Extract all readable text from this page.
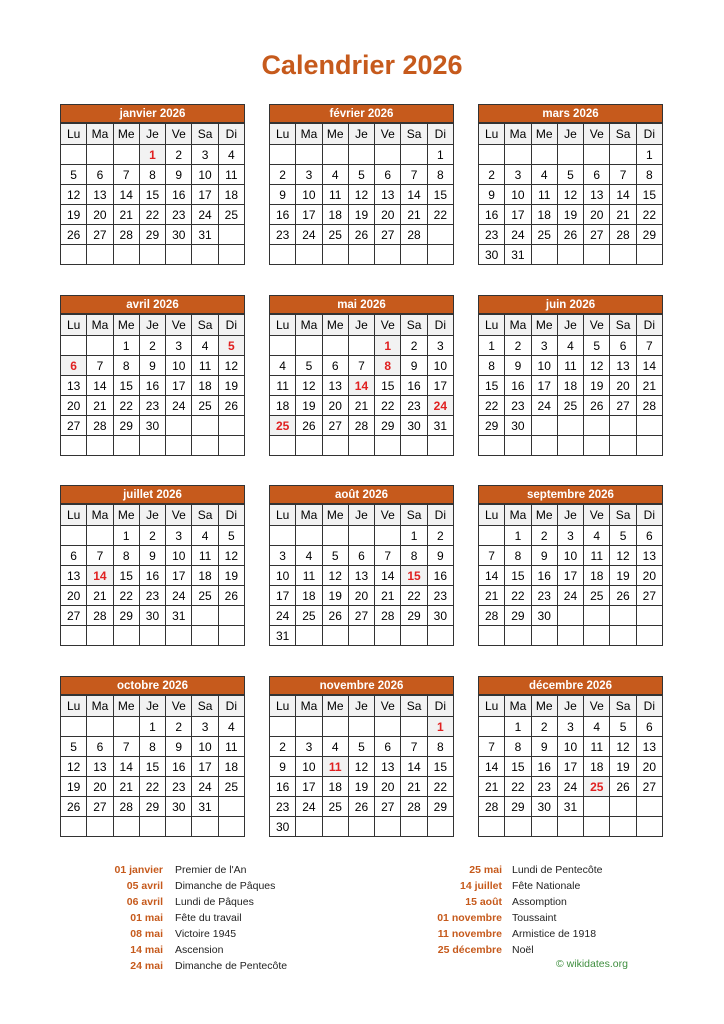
Calendrier 2026
janvier 2026
Lu	Ma	Me	Je	Ve	Sa	Di
			1	2	3	4
5	6	7	8	9	10	11
12	13	14	15	16	17	18
19	20	21	22	23	24	25
26	27	28	29	30	31	

février 2026
Lu	Ma	Me	Je	Ve	Sa	Di
						1
2	3	4	5	6	7	8
9	10	11	12	13	14	15
16	17	18	19	20	21	22
23	24	25	26	27	28	

mars 2026
Lu	Ma	Me	Je	Ve	Sa	Di
						1
2	3	4	5	6	7	8
9	10	11	12	13	14	15
16	17	18	19	20	21	22
23	24	25	26	27	28	29
30	31					
avril 2026
Lu	Ma	Me	Je	Ve	Sa	Di
		1	2	3	4	5
6	7	8	9	10	11	12
13	14	15	16	17	18	19
20	21	22	23	24	25	26
27	28	29	30			

mai 2026
Lu	Ma	Me	Je	Ve	Sa	Di
				1	2	3
4	5	6	7	8	9	10
11	12	13	14	15	16	17
18	19	20	21	22	23	24
25	26	27	28	29	30	31

juin 2026
Lu	Ma	Me	Je	Ve	Sa	Di
1	2	3	4	5	6	7
8	9	10	11	12	13	14
15	16	17	18	19	20	21
22	23	24	25	26	27	28
29	30					

juillet 2026
Lu	Ma	Me	Je	Ve	Sa	Di
		1	2	3	4	5
6	7	8	9	10	11	12
13	14	15	16	17	18	19
20	21	22	23	24	25	26
27	28	29	30	31		

août 2026
Lu	Ma	Me	Je	Ve	Sa	Di
					1	2
3	4	5	6	7	8	9
10	11	12	13	14	15	16
17	18	19	20	21	22	23
24	25	26	27	28	29	30
31						
septembre 2026
Lu	Ma	Me	Je	Ve	Sa	Di
	1	2	3	4	5	6
7	8	9	10	11	12	13
14	15	16	17	18	19	20
21	22	23	24	25	26	27
28	29	30				

octobre 2026
Lu	Ma	Me	Je	Ve	Sa	Di
			1	2	3	4
5	6	7	8	9	10	11
12	13	14	15	16	17	18
19	20	21	22	23	24	25
26	27	28	29	30	31	

novembre 2026
Lu	Ma	Me	Je	Ve	Sa	Di
						1
2	3	4	5	6	7	8
9	10	11	12	13	14	15
16	17	18	19	20	21	22
23	24	25	26	27	28	29
30						
décembre 2026
Lu	Ma	Me	Je	Ve	Sa	Di
	1	2	3	4	5	6
7	8	9	10	11	12	13
14	15	16	17	18	19	20
21	22	23	24	25	26	27
28	29	30	31			

01 janvier Premier de l'An
05 avril Dimanche de Pâques
06 avril Lundi de Pâques
01 mai Fête du travail
08 mai Victoire 1945
14 mai Ascension
24 mai Dimanche de Pentecôte
25 mai Lundi de Pentecôte
14 juillet Fête Nationale
15 août Assomption
01 novembre Toussaint
11 novembre Armistice de 1918
25 décembre Noël
© wikidates.org
